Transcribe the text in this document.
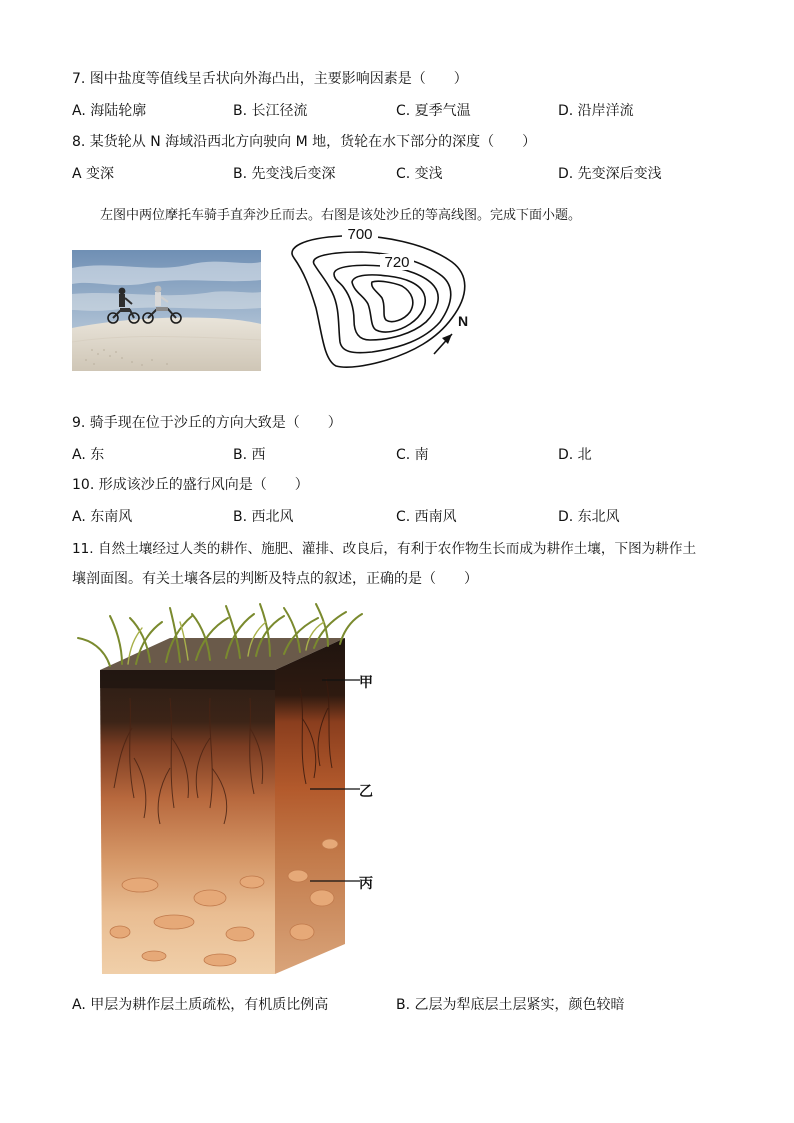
7. 图中盐度等值线呈舌状向外海凸出，主要影响因素是（　　）
A. 海陆轮廓	B. 长江径流	C. 夏季气温	D. 沿岸洋流
8. 某货轮从 N 海域沿西北方向驶向 M 地，货轮在水下部分的深度（　　）
A 变深	B. 先变浅后变深	C. 变浅	D. 先变深后变浅
左图中两位摩托车骑手直奔沙丘而去。右图是该处沙丘的等高线图。完成下面小题。
700
720
N
9. 骑手现在位于沙丘的方向大致是（　　）
A. 东	B. 西	C. 南	D. 北
10. 形成该沙丘的盛行风向是（　　）
A. 东南风	B. 西北风	C. 西南风	D. 东北风
11. 自然土壤经过人类的耕作、施肥、灌排、改良后，有利于农作物生长而成为耕作土壤，下图为耕作土
壤剖面图。有关土壤各层的判断及特点的叙述，正确的是（　　）
甲
乙
丙
A. 甲层为耕作层土质疏松，有机质比例高	B. 乙层为犁底层土层紧实，颜色较暗
